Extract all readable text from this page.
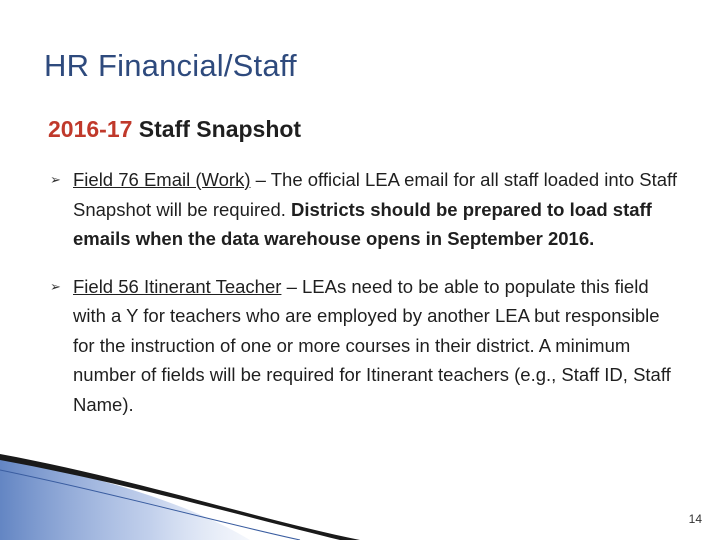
HR Financial/Staff
2016-17 Staff Snapshot
➢ Field 76 Email (Work) – The official LEA email for all staff loaded into Staff Snapshot will be required. Districts should be prepared to load staff emails when the data warehouse opens in September 2016.
➢ Field 56 Itinerant Teacher – LEAs need to be able to populate this field with a Y for teachers who are employed by another LEA but responsible for the instruction of one or more courses in their district. A minimum number of fields will be required for Itinerant teachers (e.g., Staff ID, Staff Name).
14
